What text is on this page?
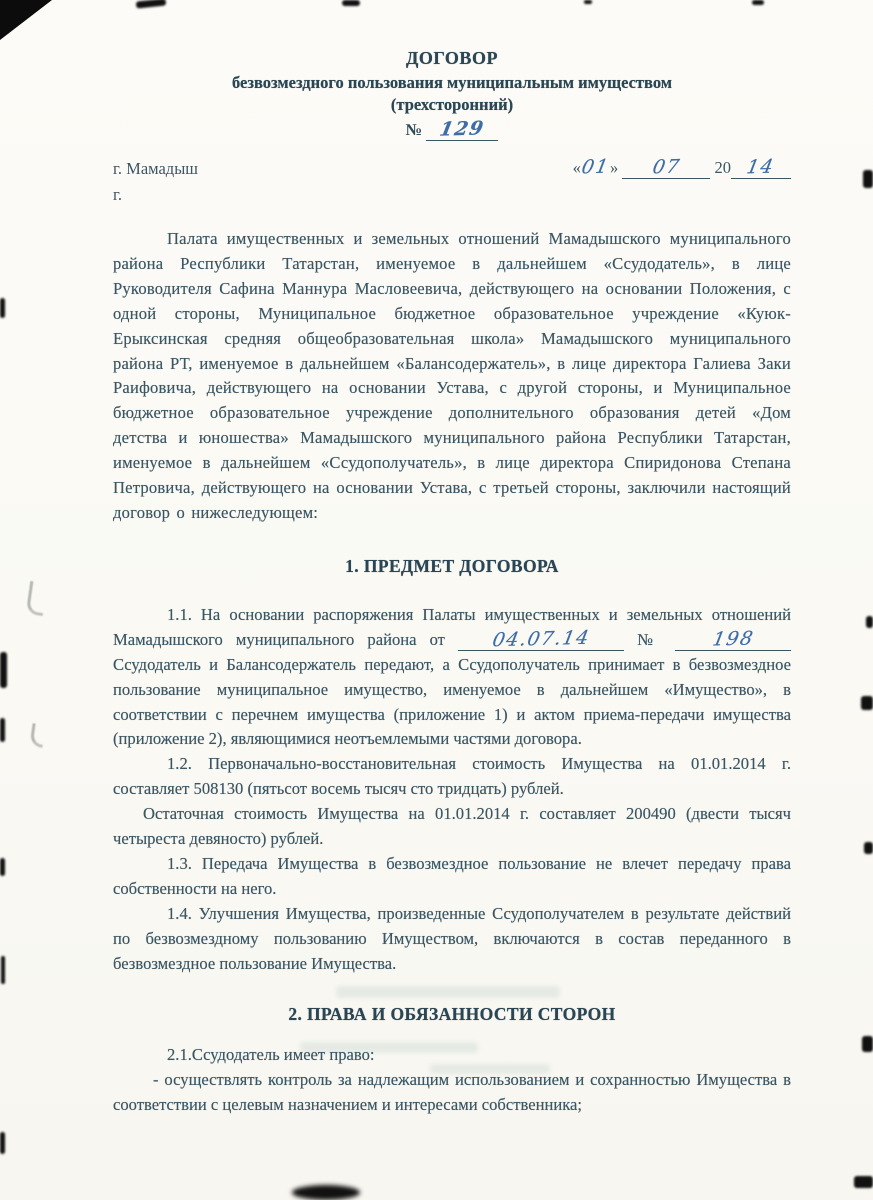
ДОГОВОР
безвозмездного пользования муниципальным имуществом
(трехсторонний)
№ 129
г. Мамадыш	«01» 07 20 14
г.

Палата имущественных и земельных отношений Мамадышского муниципального района Республики Татарстан, именуемое в дальнейшем «Ссудодатель», в лице Руководителя Сафина Маннура Масловеевича, действующего на основании Положения, с одной стороны, Муниципальное бюджетное образовательное учреждение «Куюк-Ерыксинская средняя общеобразовательная школа» Мамадышского муниципального района РТ, именуемое в дальнейшем «Балансодержатель», в лице директора Галиева Заки Раифовича, действующего на основании Устава, с другой стороны, и Муниципальное бюджетное образовательное учреждение дополнительного образования детей «Дом детства и юношества» Мамадышского муниципального района Республики Татарстан, именуемое в дальнейшем «Ссудополучатель», в лице директора Спиридонова Степана Петровича, действующего на основании Устава, с третьей стороны, заключили настоящий договор о нижеследующем:

1. ПРЕДМЕТ ДОГОВОРА

1.1. На основании распоряжения Палаты имущественных и земельных отношений Мамадышского муниципального района от 04.07.14	№	198 Ссудодатель и Балансодержатель передают, а Ссудополучатель принимает в безвозмездное пользование муниципальное имущество, именуемое в дальнейшем «Имущество», в соответствии с перечнем имущества (приложение 1) и актом приема-передачи имущества (приложение 2), являющимися неотъемлемыми частями договора.

1.2. Первоначально-восстановительная стоимость Имущества на 01.01.2014 г. составляет 508130 (пятьсот восемь тысяч сто тридцать) рублей.

Остаточная стоимость Имущества на 01.01.2014 г. составляет 200490 (двести тысяч четыреста девяносто) рублей.

1.3. Передача Имущества в безвозмездное пользование не влечет передачу права собственности на него.

1.4. Улучшения Имущества, произведенные Ссудополучателем в результате действий по безвозмездному пользованию Имуществом, включаются в состав переданного в безвозмездное пользование Имущества.

2. ПРАВА И ОБЯЗАННОСТИ СТОРОН

2.1.Ссудодатель имеет право:

- осуществлять контроль за надлежащим использованием и сохранностью Имущества в соответствии с целевым назначением и интересами собственника;
